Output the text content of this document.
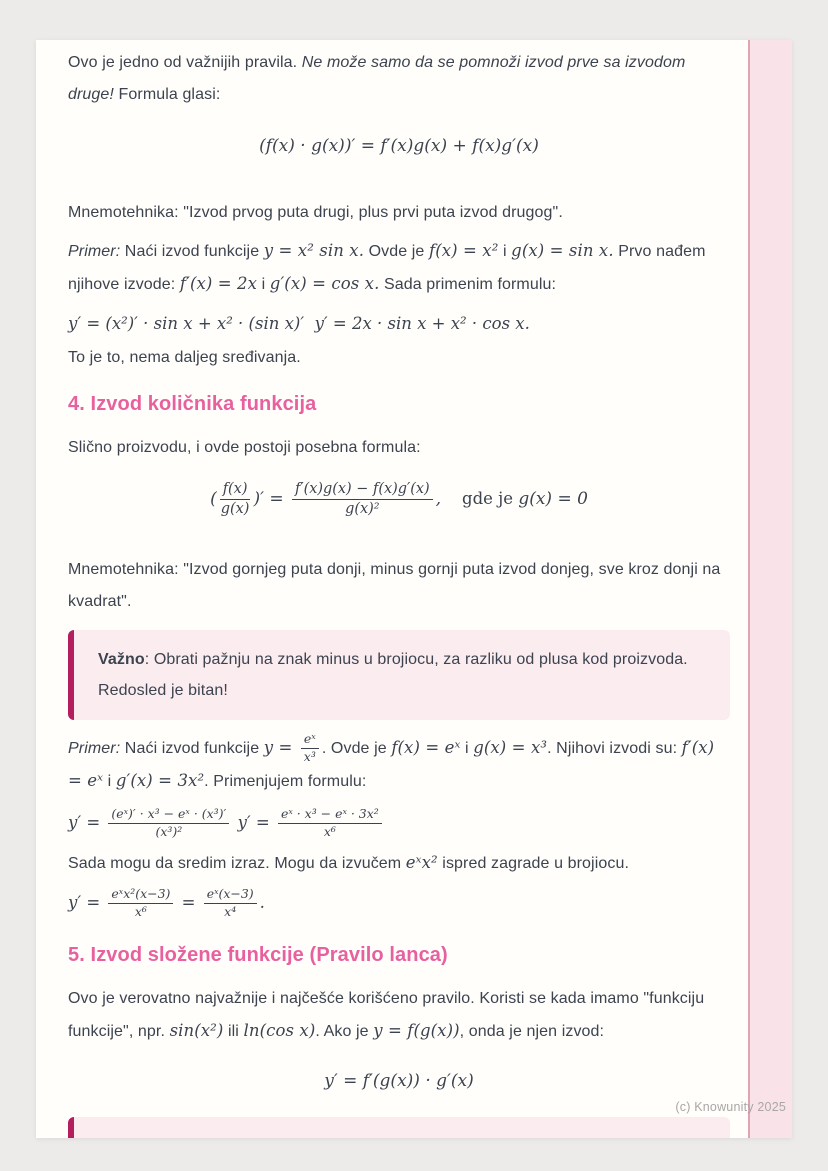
Ovo je jedno od važnijih pravila. Ne može samo da se pomnoži izvod prve sa izvodom druge! Formula glasi:

(f(x) · g(x))′ = f′(x)g(x) + f(x)g′(x)

Mnemotehnika: "Izvod prvog puta drugi, plus prvi puta izvod drugog".

Primer: Naći izvod funkcije y = x² sin x. Ovde je f(x) = x² i g(x) = sin x. Prvo nađem njihove izvode: f′(x) = 2x i g′(x) = cos x. Sada primenim formulu:

y′ = (x²)′ · sin x + x² · (sin x)′  y′ = 2x · sin x + x² · cos x.

To je to, nema daljeg sređivanja.

4. Izvod količnika funkcija

Slično proizvodu, i ovde postoji posebna formula:

( $\frac{f(x)}{g(x)}$ )′ = $\frac{f'(x)g(x) - f(x)g'(x)}{\text{g(x)²}}$ ,    gde je g(x) = 0

Mnemotehnika: "Izvod gornjeg puta donji, minus gornji puta izvod donjeg, sve kroz donji na kvadrat".

Važno: Obrati pažnju na znak minus u brojiocu, za razliku od plusa kod proizvoda. Redosled je bitan!

Primer: Naći izvod funkcije $y = \frac{\text{eˣ}}{\text{x³}}$ . Ovde je f(x) = eˣ i g(x) = x³. Njihovi izvodi su: f′(x) = eˣ i g′(x) = 3x². Primenjujem formulu:

$y' = \frac{\text{(eˣ)′ · x³ − eˣ · (x³)′}}{\text{(x³)²}} y' = \frac{\text{eˣ · x³ − eˣ · 3x²}}{\text{x⁶}}$

Sada mogu da sredim izraz. Mogu da izvučem eˣx² ispred zagrade u brojiocu.

$y' = \frac{\text{eˣx²(x−3)}}{\text{x⁶}} = \frac{\text{eˣ(x−3)}}{\text{x⁴}}$ .

5. Izvod složene funkcije (Pravilo lanca)

Ovo je verovatno najvažnije i najčešće korišćeno pravilo. Koristi se kada imamo "funkciju funkcije", npr. sin(x²) ili ln(cos x). Ako je y = f(g(x)), onda je njen izvod:

y′ = f′(g(x)) · g′(x)
(c) Knowunity 2025
